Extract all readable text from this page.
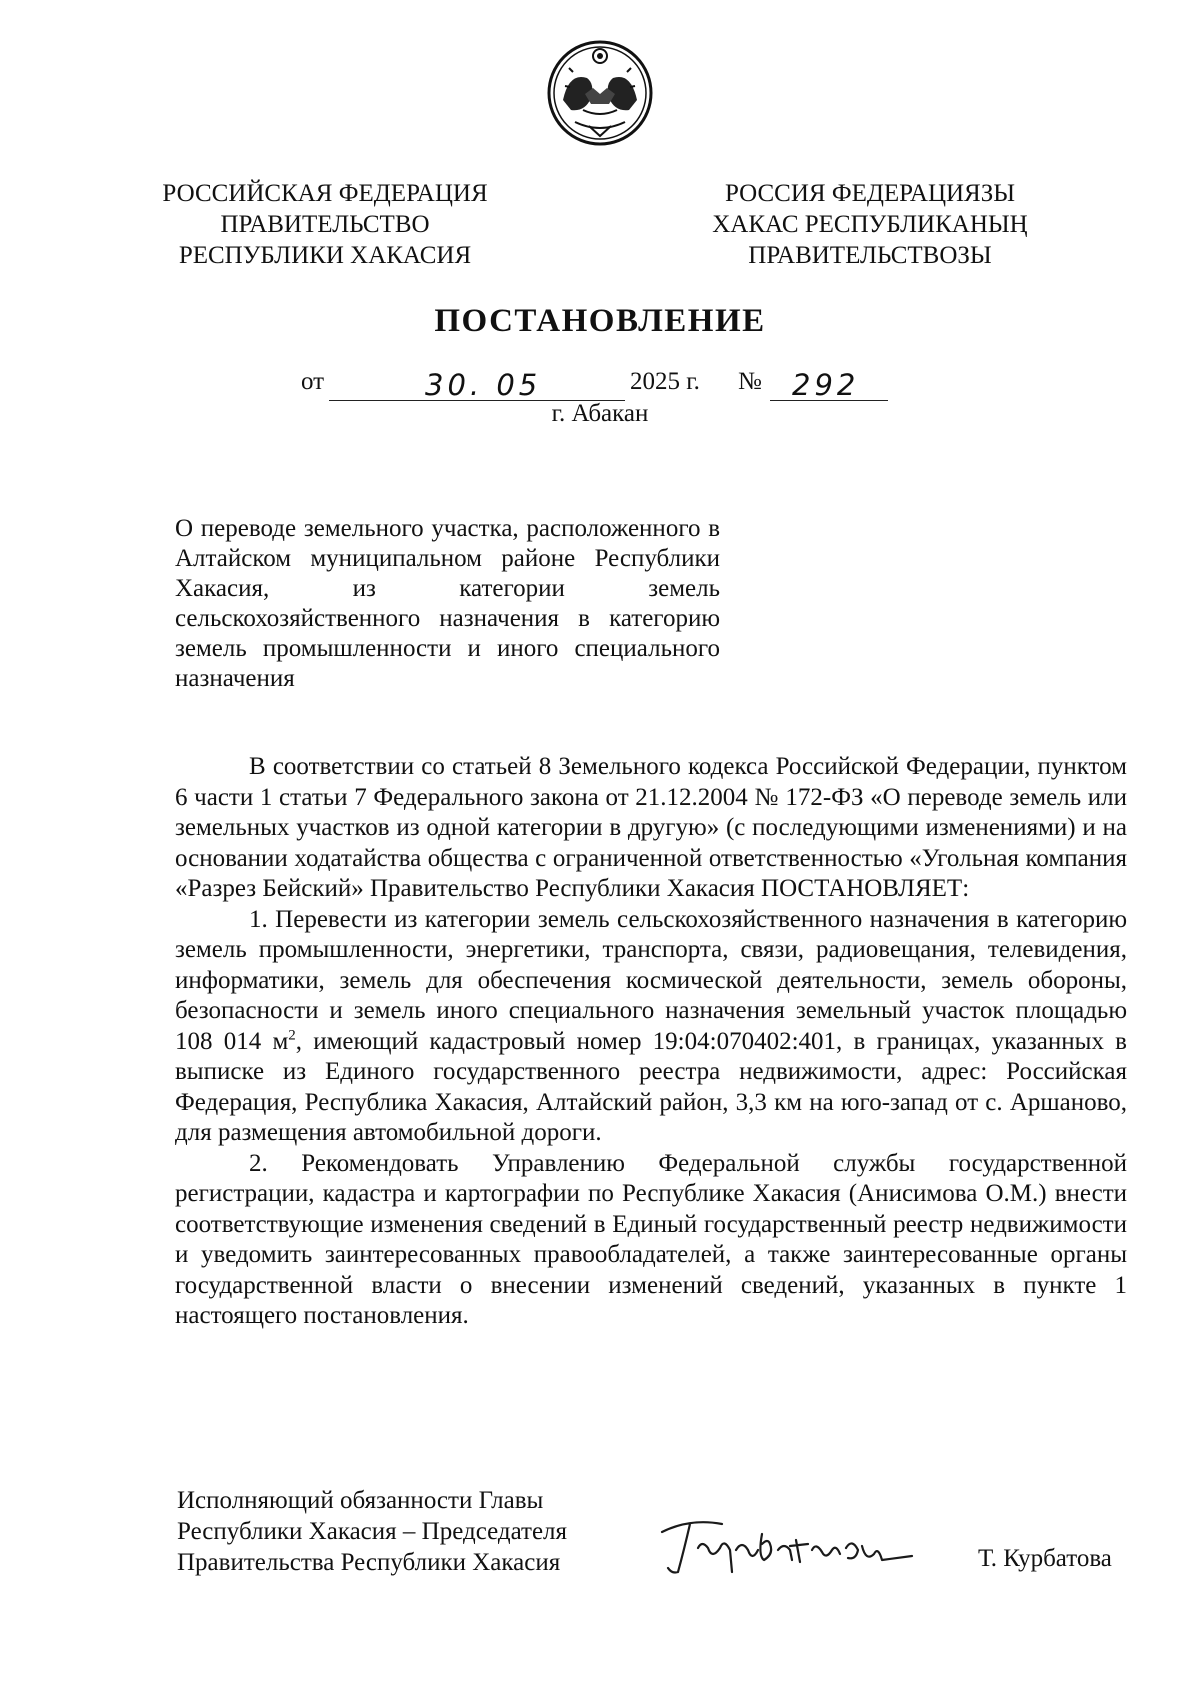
РОССИЙСКАЯ ФЕДЕРАЦИЯ
ПРАВИТЕЛЬСТВО
РЕСПУБЛИКИ ХАКАСИЯ
РОССИЯ ФЕДЕРАЦИЯЗЫ
ХАКАС РЕСПУБЛИКАНЫҢ
ПРАВИТЕЛЬСТВОЗЫ
ПОСТАНОВЛЕНИЕ
от	30. 05	2025 г. № 292
г. Абакан
О переводе земельного участка, расположенного в Алтайском муниципальном районе Республики Хакасия, из категории земель сельскохозяйственного назначения в категорию земель промышленности и иного специального назначения

В соответствии со статьей 8 Земельного кодекса Российской Федерации, пунктом 6 части 1 статьи 7 Федерального закона от 21.12.2004 № 172-ФЗ «О переводе земель или земельных участков из одной категории в другую» (с последующими изменениями) и на основании ходатайства общества с ограниченной ответственностью «Угольная компания «Разрез Бейский» Правительство Республики Хакасия ПОСТАНОВЛЯЕТ:

1. Перевести из категории земель сельскохозяйственного назначения в категорию земель промышленности, энергетики, транспорта, связи, радиовещания, телевидения, информатики, земель для обеспечения космической деятельности, земель обороны, безопасности и земель иного специального назначения земельный участок площадью 108 014 $м^2$, имеющий кадастровый номер 19:04:070402:401, в границах, указанных в выписке из Единого государственного реестра недвижимости, адрес: Российская Федерация, Республика Хакасия, Алтайский район, 3,3 км на юго-запад от с. Аршаново, для размещения автомобильной дороги.

2. Рекомендовать Управлению Федеральной службы государственной регистрации, кадастра и картографии по Республике Хакасия (Анисимова О.М.) внести соответствующие изменения сведений в Единый государственный реестр недвижимости и уведомить заинтересованных правообладателей, а также заинтересованные органы государственной власти о внесении изменений сведений, указанных в пункте 1 настоящего постановления.

Исполняющий обязанности Главы
Республики Хакасия – Председателя
Правительства Республики Хакасия	Т. Курбатова
